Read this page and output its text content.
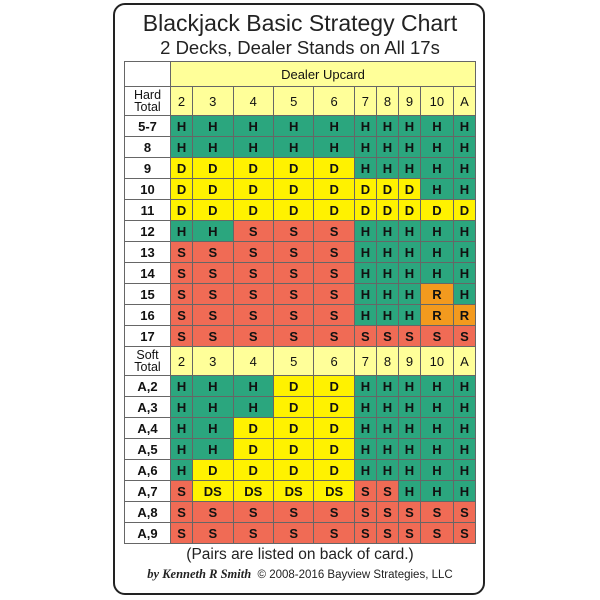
Blackjack Basic Strategy Chart
2 Decks, Dealer Stands on All 17s
	Dealer Upcard									

Hard
Total	2	3	4	5	6	7	8	9	10	A
5-7	H	H	H	H	H	H	H	H	H	H
8	H	H	H	H	H	H	H	H	H	H
9	D	D	D	D	D	H	H	H	H	H
10	D	D	D	D	D	D	D	D	H	H
11	D	D	D	D	D	D	D	D	D	D
12	H	H	S	S	S	H	H	H	H	H
13	S	S	S	S	S	H	H	H	H	H
14	S	S	S	S	S	H	H	H	H	H
15	S	S	S	S	S	H	H	H	R	H
16	S	S	S	S	S	H	H	H	R	R
17	S	S	S	S	S	S	S	S	S	S

Soft
Total	2	3	4	5	6	7	8	9	10	A
A,2	H	H	H	D	D	H	H	H	H	H
A,3	H	H	H	D	D	H	H	H	H	H
A,4	H	H	D	D	D	H	H	H	H	H
A,5	H	H	D	D	D	H	H	H	H	H
A,6	H	D	D	D	D	H	H	H	H	H
A,7	S	DS	DS	DS	DS	S	S	H	H	H
A,8	S	S	S	S	S	S	S	S	S	S
A,9	S	S	S	S	S	S	S	S	S	S
(Pairs are listed on back of card.)
by Kenneth R Smith © 2008-2016 Bayview Strategies, LLC
